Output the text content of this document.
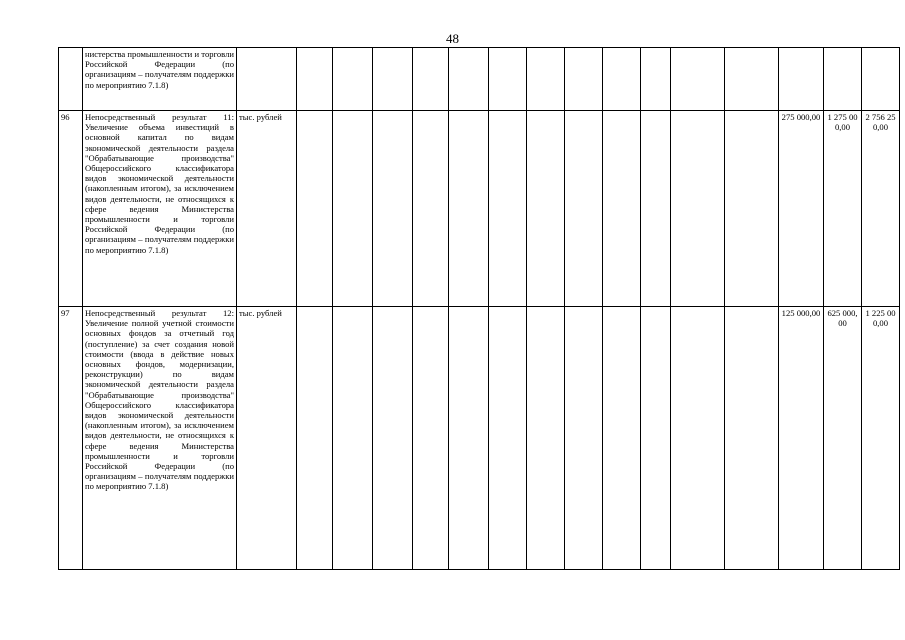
48
	нистерства промышленности и торговли Российской Федерации (по организациям – получателям поддержки по мероприятию 7.1.8)																
96	Непосредственный результат 11: Увеличение объема инвестиций в основной капитал по видам экономической деятельности раздела "Обрабатывающие производства" Общероссийского классификатора видов экономической деятельности (накопленным итогом), за исключением видов деятельности, не относящихся к сфере ведения Министерства промышленности и торговли Российской Федерации (по организациям – получателям поддержки по мероприятию 7.1.8)	тыс. рублей													275 000,00	1 275 000,00	2 756 250,00
97	Непосредственный результат 12: Увеличение полной учетной стоимости основных фондов за отчетный год (поступление) за счет создания новой стоимости (ввода в действие новых основных фондов, модернизации, реконструкции) по видам экономической деятельности раздела "Обрабатывающие производства" Общероссийского классификатора видов экономической деятельности (накопленным итогом), за исключением видов деятельности, не относящихся к сфере ведения Министерства промышленности и торговли Российской Федерации (по организациям – получателям поддержки по мероприятию 7.1.8)	тыс. рублей													125 000,00	625 000,00	1 225 000,00
